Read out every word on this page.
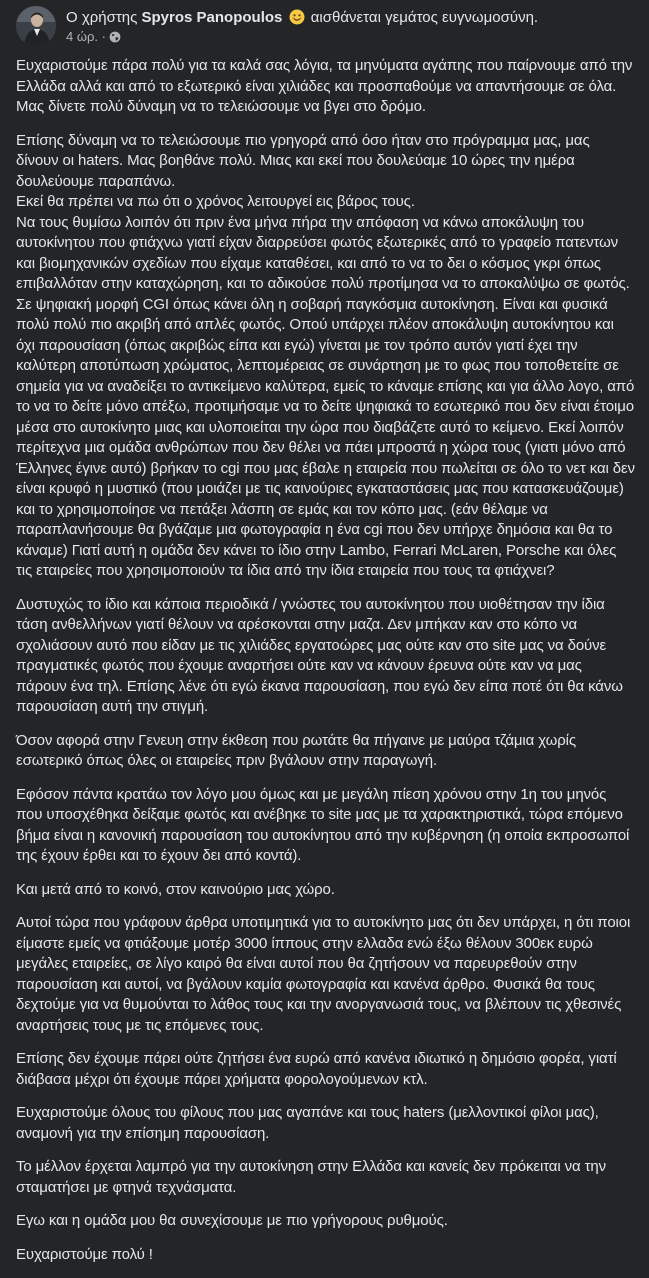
Ο χρήστης Spyros Panopoulos αισθάνεται γεμάτος ευγνωμοσύνη.
4 ώρ. ·

Ευχαριστούμε πάρα πολύ για τα καλά σας λόγια, τα μηνύματα αγάπης που παίρνουμε από την Ελλάδα αλλά και από το εξωτερικό είναι χιλιάδες και προσπαθούμε να απαντήσουμε σε όλα. Μας δίνετε πολύ δύναμη να το τελειώσουμε να βγει στο δρόμο.

Επίσης δύναμη να το τελειώσουμε πιο γρηγορά από όσο ήταν στο πρόγραμμα μας, μας δίνουν οι haters. Μας βοηθάνε πολύ. Μιας και εκεί που δουλεύαμε 10 ώρες την ημέρα δουλεύουμε παραπάνω.

Εκεί θα πρέπει να πω ότι ο χρόνος λειτουργεί εις βάρος τους.

Να τους θυμίσω λοιπόν ότι πριν ένα μήνα πήρα την απόφαση να κάνω αποκάλυψη του αυτοκίνητου που φτιάχνω γιατί είχαν διαρρεύσει φωτός εξωτερικές από το γραφείο πατεντων και βιομηχανικών σχεδίων που είχαμε καταθέσει, και από το να το δει ο κόσμος γκρι όπως επιβαλλόταν στην καταχώρηση, και το αδικούσε πολύ προτίμησα να το αποκαλύψω σε φωτός. Σε ψηφιακή μορφή CGI όπως κάνει όλη η σοβαρή παγκόσμια αυτοκίνηση. Είναι και φυσικά πολύ πολύ πιο ακριβή από απλές φωτός. Οπού υπάρχει πλέον αποκάλυψη αυτοκίνητου και όχι παρουσίαση (όπως ακριβώς είπα και εγώ) γίνεται με τον τρόπο αυτόν γιατί έχει την καλύτερη αποτύπωση χρώματος, λεπτομέρειας σε συνάρτηση με το φως που τοποθετείτε σε σημεία για να αναδείξει το αντικείμενο καλύτερα, εμείς το κάναμε επίσης και για άλλο λογο, από το να το δείτε μόνο απέξω, προτιμήσαμε να το δείτε ψηφιακά το εσωτερικό που δεν είναι έτοιμο μέσα στο αυτοκίνητο μιας και υλοποιείται την ώρα που διαβάζετε αυτό το κείμενο. Εκεί λοιπόν περίτεχνα μια ομάδα ανθρώπων που δεν θέλει να πάει μπροστά η χώρα τους (γιατι μόνο από Έλληνες έγινε αυτό) βρήκαν το cgi που μας έβαλε η εταιρεία που πωλείται σε όλο το νετ και δεν είναι κρυφό η μυστικό (που μοιάζει με τις καινούριες εγκαταστάσεις μας που κατασκευάζουμε) και το χρησιμοποίησε να πετάξει λάσπη σε εμάς και τον κόπο μας. (εάν θέλαμε να παραπλανήσουμε θα βγάζαμε μια φωτογραφία η ένα cgi που δεν υπήρχε δημόσια και θα το κάναμε) Γιατί αυτή η ομάδα δεν κάνει το ίδιο στην Lambo, Ferrari McLaren, Porsche και όλες τις εταιρείες που χρησιμοποιούν τα ίδια από την ίδια εταιρεία που τους τα φτιάχνει?

Δυστυχώς το ίδιο και κάποια περιοδικά / γνώστες του αυτοκίνητου που υιοθέτησαν την ίδια τάση ανθελλήνων γιατί θέλουν να αρέσκονται στην μαζα. Δεν μπήκαν καν στο κόπο να σχολιάσουν αυτό που είδαν με τις χιλιάδες εργατοώρες μας ούτε καν στο site μας να δούνε πραγματικές φωτός που έχουμε αναρτήσει ούτε καν να κάνουν έρευνα ούτε καν να μας πάρουν ένα τηλ. Επίσης λένε ότι εγώ έκανα παρουσίαση, που εγώ δεν είπα ποτέ ότι θα κάνω παρουσίαση αυτή την στιγμή.

Όσον αφορά στην Γενευη στην έκθεση που ρωτάτε θα πήγαινε με μαύρα τζάμια χωρίς εσωτερικό όπως όλες οι εταιρείες πριν βγάλουν στην παραγωγή.

Εφόσον πάντα κρατάω τον λόγο μου όμως και με μεγάλη πίεση χρόνου στην 1η του μηνός που υποσχέθηκα δείξαμε φωτός και ανέβηκε το site μας με τα χαρακτηριστικά, τώρα επόμενο βήμα είναι η κανονική παρουσίαση του αυτοκίνητου από την κυβέρνηση (η οποία εκπροσωποί της έχουν έρθει και το έχουν δει από κοντά).

Και μετά από το κοινό, στον καινούριο μας χώρο.

Αυτοί τώρα που γράφουν άρθρα υποτιμητικά για το αυτοκίνητο μας ότι δεν υπάρχει, η ότι ποιοι είμαστε εμείς να φτιάξουμε μοτέρ 3000 ίππους στην ελλαδα ενώ έξω θέλουν 300εκ ευρώ μεγάλες εταιρείες, σε λίγο καιρό θα είναι αυτοί που θα ζητήσουν να παρευρεθούν στην παρουσίαση και αυτοί, να βγάλουν καμία φωτογραφία και κανένα άρθρο. Φυσικά θα τους δεχτούμε για να θυμούνται το λάθος τους και την ανοργανωσιά τους, να βλέπουν τις χθεσινές αναρτήσεις τους με τις επόμενες τους.

Επίσης δεν έχουμε πάρει ούτε ζητήσει ένα ευρώ από κανένα ιδιωτικό η δημόσιο φορέα, γιατί διάβασα μέχρι ότι έχουμε πάρει χρήματα φορολογούμενων κτλ.

Ευχαριστούμε όλους του φίλους που μας αγαπάνε και τους haters (μελλοντικοί φίλοι μας), αναμονή για την επίσημη παρουσίαση.

Το μέλλον έρχεται λαμπρό για την αυτοκίνηση στην Ελλάδα και κανείς δεν πρόκειται να την σταματήσει με φτηνά τεχνάσματα.

Εγω και η ομάδα μου θα συνεχίσουμε με πιο γρήγορους ρυθμούς.

Ευχαριστούμε πολύ !
